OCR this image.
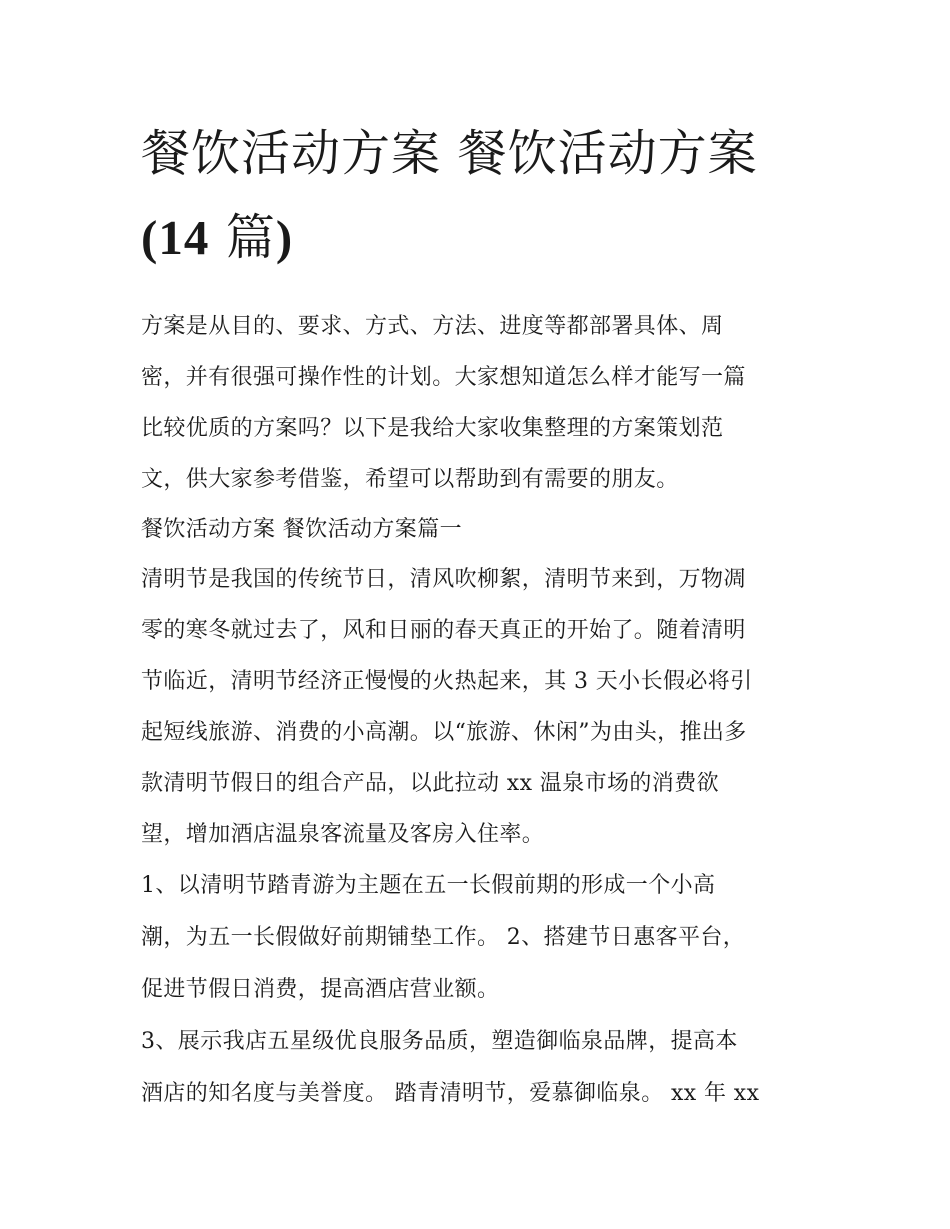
餐饮活动方案 餐饮活动方案
(14 篇)

方案是从目的、要求、方式、方法、进度等都部署具体、周
密，并有很强可操作性的计划。大家想知道怎么样才能写一篇
比较优质的方案吗？以下是我给大家收集整理的方案策划范
文，供大家参考借鉴，希望可以帮助到有需要的朋友。

餐饮活动方案 餐饮活动方案篇一

清明节是我国的传统节日，清风吹柳絮，清明节来到，万物凋
零的寒冬就过去了，风和日丽的春天真正的开始了。随着清明
节临近，清明节经济正慢慢的火热起来，其 3 天小长假必将引
起短线旅游、消费的小高潮。以“旅游、休闲”为由头，推出多
款清明节假日的组合产品，以此拉动 xx 温泉市场的消费欲
望，增加酒店温泉客流量及客房入住率。

1、以清明节踏青游为主题在五一长假前期的形成一个小高
潮，为五一长假做好前期铺垫工作。 2、搭建节日惠客平台，
促进节假日消费，提高酒店营业额。

3、展示我店五星级优良服务品质，塑造御临泉品牌，提高本
酒店的知名度与美誉度。 踏青清明节，爱慕御临泉。 xx 年 xx
